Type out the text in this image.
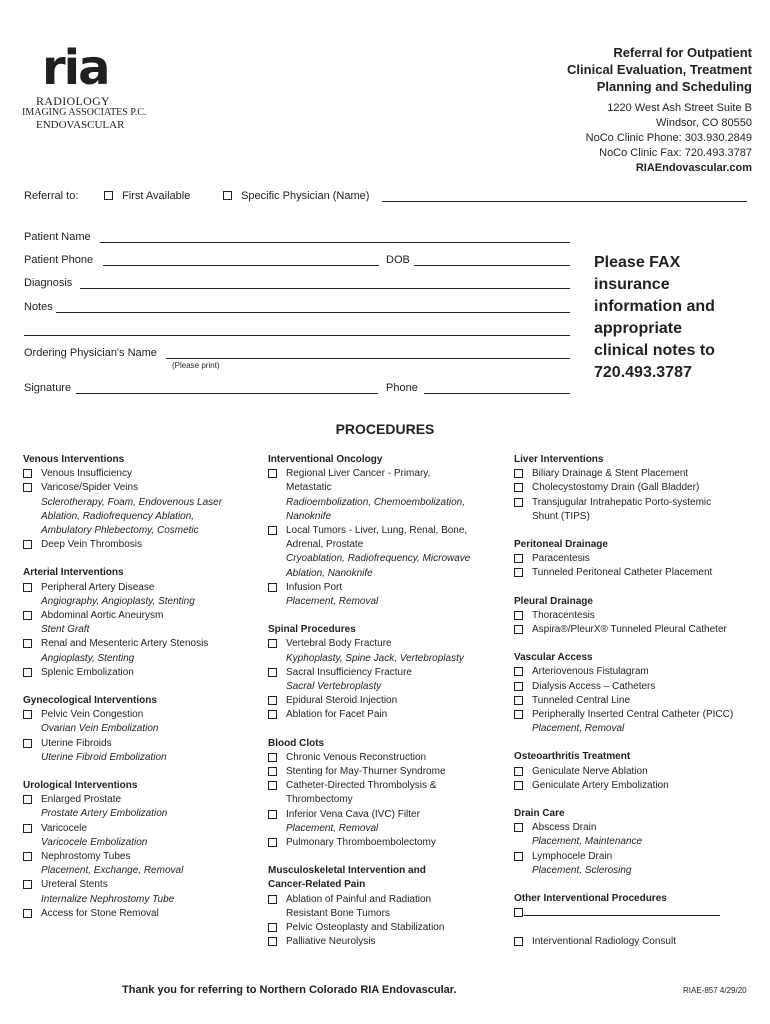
ria
RADIOLOGY
IMAGING ASSOCIATES P.C.
ENDOVASCULAR
Referral for Outpatient
Clinical Evaluation, Treatment
Planning and Scheduling
1220 West Ash Street Suite B
Windsor, CO 80550
NoCo Clinic Phone: 303.930.2849
NoCo Clinic Fax: 720.493.3787
RIAEndovascular.com
Referral to:	First Available	Specific Physician (Name)
Patient Name
Patient Phone	DOB
Diagnosis
Notes
Ordering Physician's Name
(Please print)
Signature	Phone
Please FAX
insurance
information and
appropriate
clinical notes to
720.493.3787
PROCEDURES
Venous Interventions
Venous Insufficiency
Varicose/Spider Veins
Sclerotherapy, Foam, Endovenous Laser
Ablation, Radiofrequency Ablation,
Ambulatory Phlebectomy, Cosmetic
Deep Vein Thrombosis
Arterial Interventions
Peripheral Artery Disease
Angiography, Angioplasty, Stenting
Abdominal Aortic Aneurysm
Stent Graft
Renal and Mesenteric Artery Stenosis
Angioplasty, Stenting
Splenic Embolization
Gynecological Interventions
Pelvic Vein Congestion
Ovarian Vein Embolization
Uterine Fibroids
Uterine Fibroid Embolization
Urological Interventions
Enlarged Prostate
Prostate Artery Embolization
Varicocele
Varicocele Embolization
Nephrostomy Tubes
Placement, Exchange, Removal
Ureteral Stents
Internalize Nephrostomy Tube
Access for Stone Removal
Interventional Oncology
Regional Liver Cancer - Primary,
Metastatic
Radioembolization, Chemoembolization,
Nanoknife
Local Tumors - Liver, Lung, Renal, Bone,
Adrenal, Prostate
Cryoablation, Radiofrequency, Microwave
Ablation, Nanoknife
Infusion Port
Placement, Removal
Spinal Procedures
Vertebral Body Fracture
Kyphoplasty, Spine Jack, Vertebroplasty
Sacral Insufficiency Fracture
Sacral Vertebroplasty
Epidural Steroid Injection
Ablation for Facet Pain
Blood Clots
Chronic Venous Reconstruction
Stenting for May-Thurner Syndrome
Catheter-Directed Thrombolysis &
Thrombectomy
Inferior Vena Cava (IVC) Filter
Placement, Removal
Pulmonary Thromboembolectomy
Musculoskeletal Intervention and
Cancer-Related Pain
Ablation of Painful and Radiation
Resistant Bone Tumors
Pelvic Osteoplasty and Stabilization
Palliative Neurolysis
Liver Interventions
Biliary Drainage & Stent Placement
Cholecystostomy Drain (Gall Bladder)
Transjugular Intrahepatic Porto-systemic
Shunt (TIPS)
Peritoneal Drainage
Paracentesis
Tunneled Peritoneal Catheter Placement
Pleural Drainage
Thoracentesis
Aspira®/PleurX® Tunneled Pleural Catheter
Vascular Access
Arteriovenous Fistulagram
Dialysis Access – Catheters
Tunneled Central Line
Peripherally Inserted Central Catheter (PICC)
Placement, Removal
Osteoarthritis Treatment
Geniculate Nerve Ablation
Geniculate Artery Embolization
Drain Care
Abscess Drain
Placement, Maintenance
Lymphocele Drain
Placement, Sclerosing
Other Interventional Procedures
Interventional Radiology Consult
Thank you for referring to Northern Colorado RIA Endovascular.	RIAE-857 4/29/20
